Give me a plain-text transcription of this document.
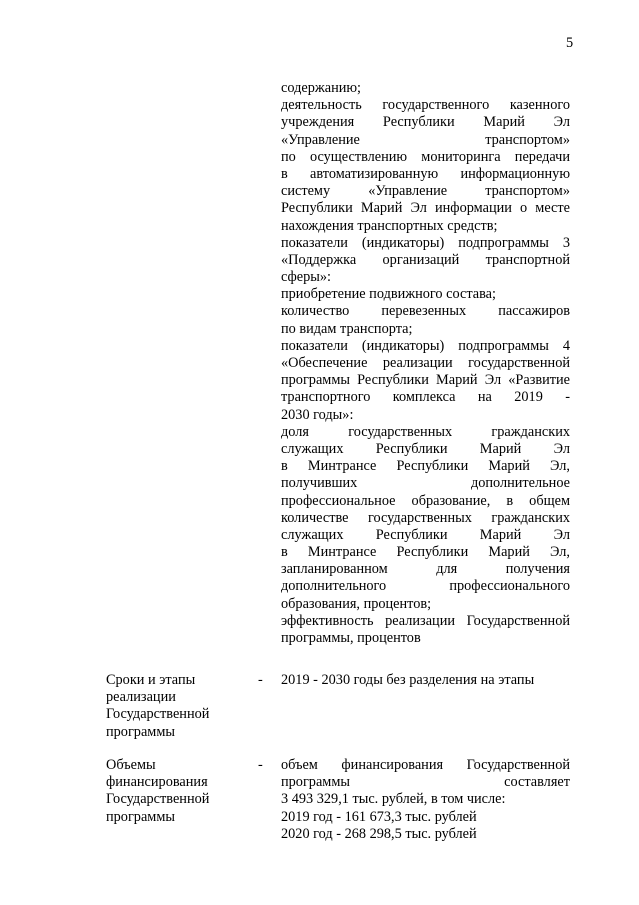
5
содержанию;
деятельность государственного казенного
учреждения Республики Марий Эл
«Управление транспортом»
по осуществлению мониторинга передачи
в автоматизированную информационную
систему «Управление транспортом»
Республики Марий Эл информации о месте
нахождения транспортных средств;
показатели (индикаторы) подпрограммы 3
«Поддержка организаций транспортной
сферы»:
приобретение подвижного состава;
количество перевезенных пассажиров
по видам транспорта;
показатели (индикаторы) подпрограммы 4
«Обеспечение реализации государственной
программы Республики Марий Эл «Развитие
транспортного комплекса на 2019 -
2030 годы»:
доля государственных гражданских
служащих Республики Марий Эл
в Минтрансе Республики Марий Эл,
получивших дополнительное
профессиональное образование, в общем
количестве государственных гражданских
служащих Республики Марий Эл
в Минтрансе Республики Марий Эл,
запланированном для получения
дополнительного профессионального
образования, процентов;
эффективность реализации Государственной
программы, процентов
Сроки и этапы
реализации
Государственной
программы
- 2019 - 2030 годы без разделения на этапы
Объемы
финансирования
Государственной
программы
- объем финансирования Государственной
программы составляет
3 493 329,1 тыс. рублей, в том числе:
2019 год - 161 673,3 тыс. рублей
2020 год - 268 298,5 тыс. рублей
